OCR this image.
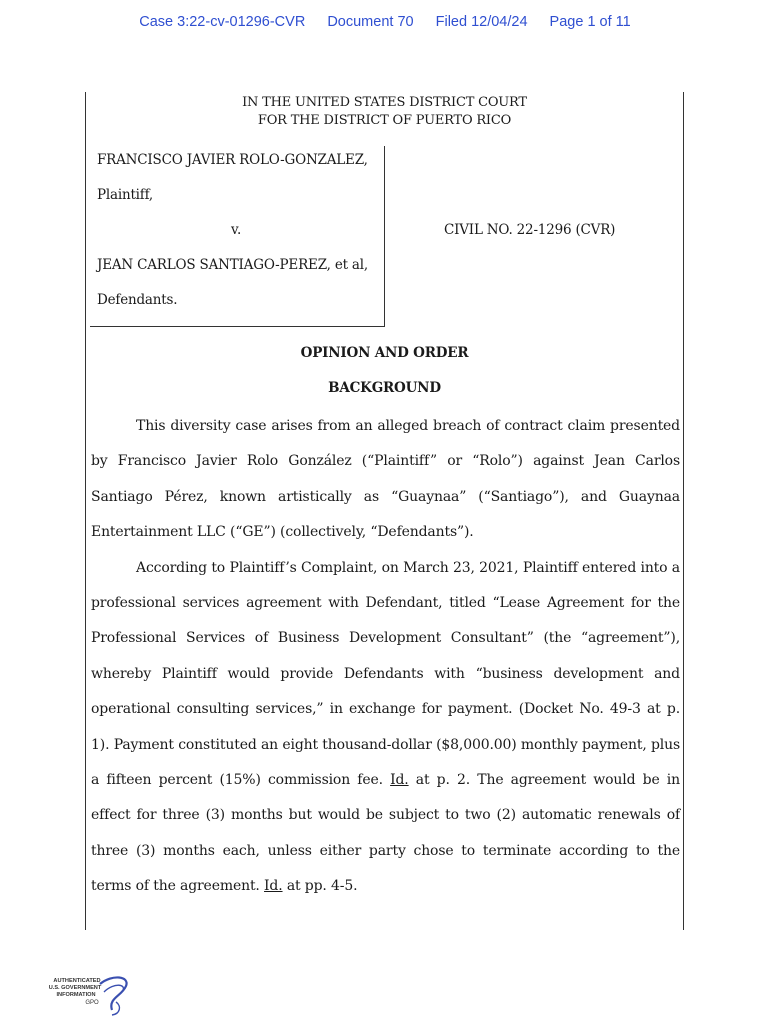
Case 3:22-cv-01296-CVR Document 70 Filed 12/04/24 Page 1 of 11
IN THE UNITED STATES DISTRICT COURT
FOR THE DISTRICT OF PUERTO RICO
FRANCISCO JAVIER ROLO-GONZALEZ,
Plaintiff,
v.
JEAN CARLOS SANTIAGO-PEREZ, et al,
Defendants.
CIVIL NO. 22-1296 (CVR)
OPINION AND ORDER
BACKGROUND

This diversity case arises from an alleged breach of contract claim presented by Francisco Javier Rolo González (“Plaintiff” or “Rolo”) against Jean Carlos Santiago Pérez, known artistically as “Guaynaa” (“Santiago”), and Guaynaa Entertainment LLC (“GE”) (collectively, “Defendants”).

According to Plaintiff’s Complaint, on March 23, 2021, Plaintiff entered into a professional services agreement with Defendant, titled “Lease Agreement for the Professional Services of Business Development Consultant” (the “agreement”), whereby Plaintiff would provide Defendants with “business development and operational consulting services,” in exchange for payment. (Docket No. 49-3 at p. 1). Payment constituted an eight thousand-dollar ($8,000.00) monthly payment, plus a fifteen percent (15%) commission fee. Id. at p. 2. The agreement would be in effect for three (3) months but would be subject to two (2) automatic renewals of three (3) months each, unless either party chose to terminate according to the terms of the agreement. Id. at pp. 4-5.

AUTHENTICATED
U.S. GOVERNMENT
INFORMATION
GPO
